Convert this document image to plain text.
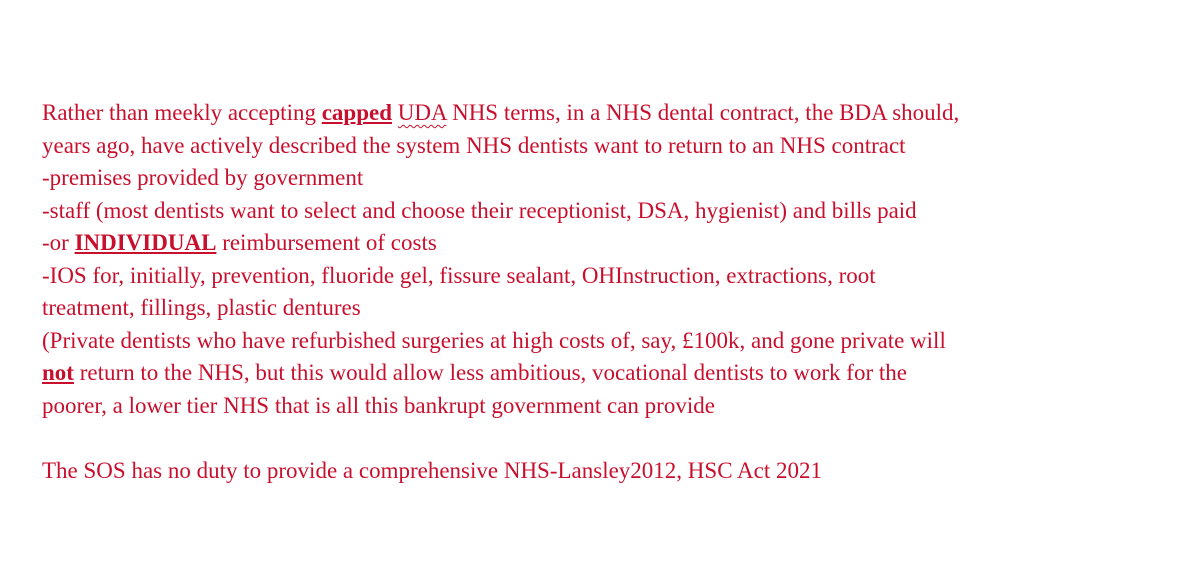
Rather than meekly accepting capped UDA NHS terms, in a NHS dental contract, the BDA should,
years ago, have actively described the system NHS dentists want to return to an NHS contract
-premises provided by government
-staff (most dentists want to select and choose their receptionist, DSA, hygienist) and bills paid
-or INDIVIDUAL reimbursement of costs
-IOS for, initially, prevention, fluoride gel, fissure sealant, OHInstruction, extractions, root
treatment, fillings, plastic dentures
(Private dentists who have refurbished surgeries at high costs of, say, £100k, and gone private will
not return to the NHS, but this would allow less ambitious, vocational dentists to work for the
poorer, a lower tier NHS that is all this bankrupt government can provide
The SOS has no duty to provide a comprehensive NHS-Lansley2012, HSC Act 2021
